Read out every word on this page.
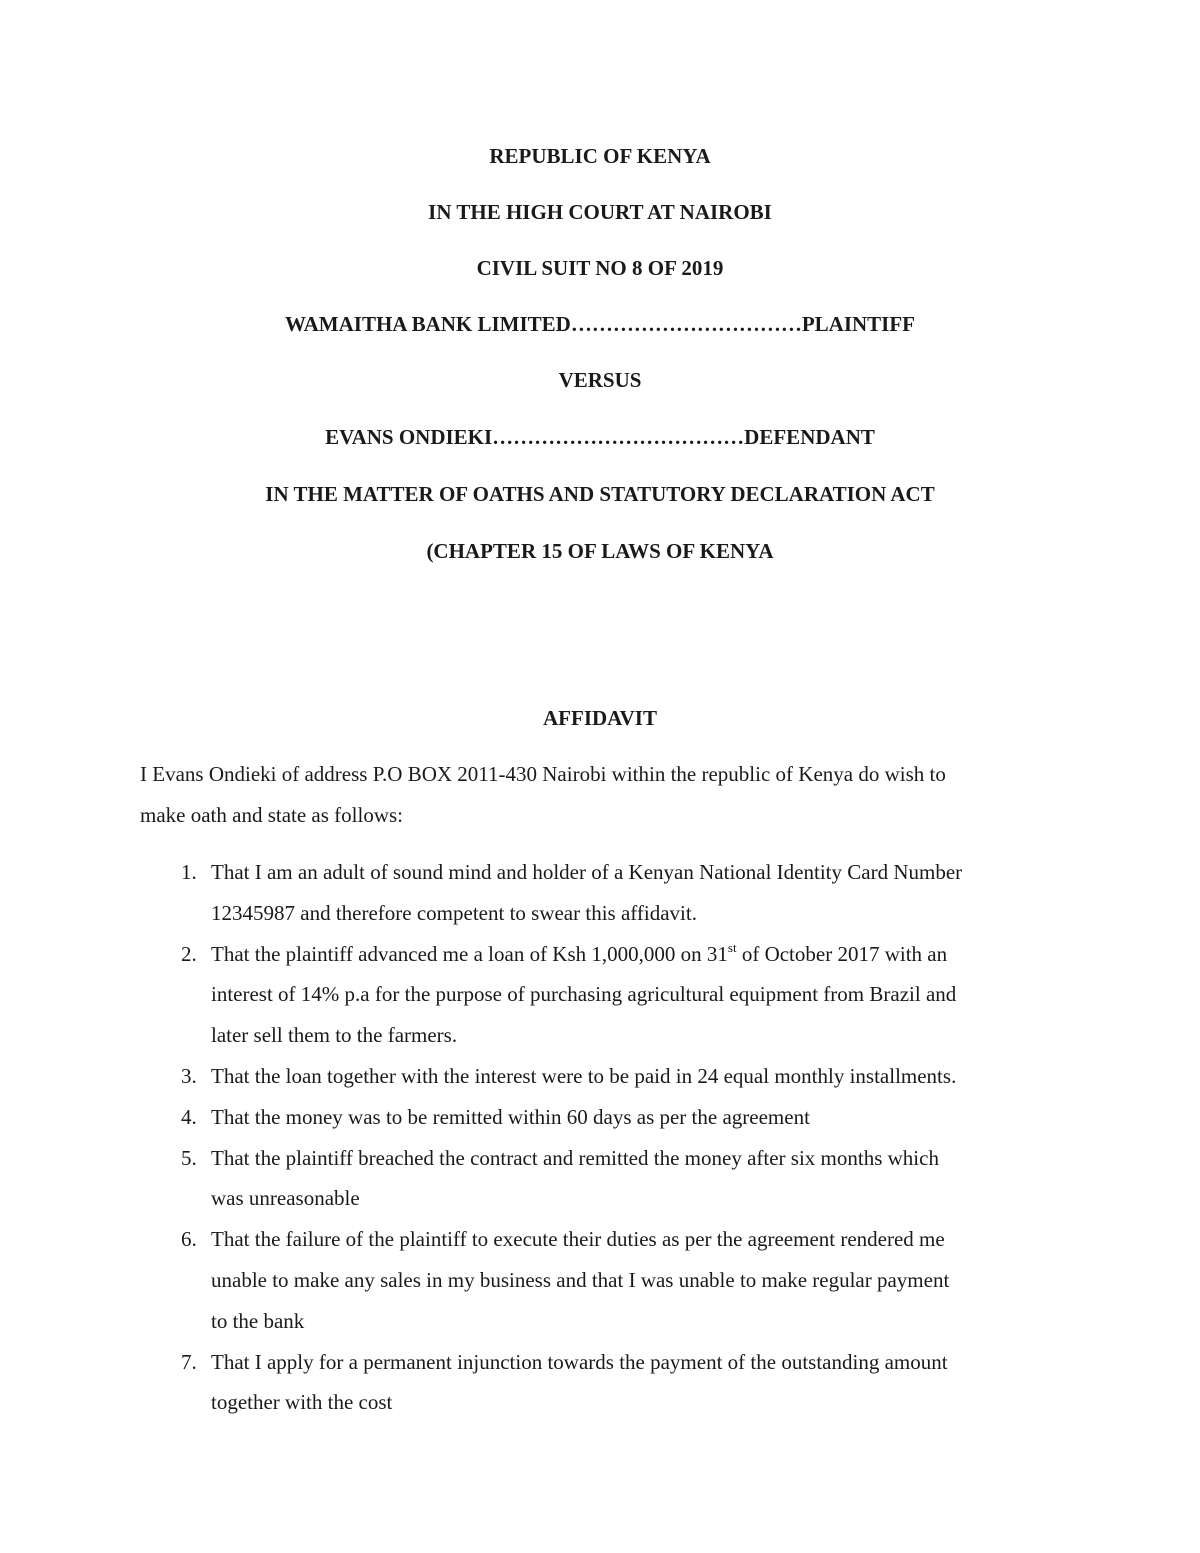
REPUBLIC OF KENYA
IN THE HIGH COURT AT NAIROBI
CIVIL SUIT NO 8 OF 2019
WAMAITHA BANK LIMITED……………………………PLAINTIFF
VERSUS
EVANS ONDIEKI………………………………DEFENDANT
IN THE MATTER OF OATHS AND STATUTORY DECLARATION ACT
(CHAPTER 15 OF LAWS OF KENYA
AFFIDAVIT

I Evans Ondieki of address P.O BOX 2011-430 Nairobi within the republic of Kenya do wish to

make oath and state as follows:

1. That I am an adult of sound mind and holder of a Kenyan National Identity Card Number
12345987 and therefore competent to swear this affidavit.
2. That the plaintiff advanced me a loan of Ksh 1,000,000 on 31st of October 2017 with an
interest of 14% p.a for the purpose of purchasing agricultural equipment from Brazil and
later sell them to the farmers.
3. That the loan together with the interest were to be paid in 24 equal monthly installments.
4. That the money was to be remitted within 60 days as per the agreement
5. That the plaintiff breached the contract and remitted the money after six months which
was unreasonable
6. That the failure of the plaintiff to execute their duties as per the agreement rendered me
unable to make any sales in my business and that I was unable to make regular payment
to the bank
7. That I apply for a permanent injunction towards the payment of the outstanding amount
together with the cost
